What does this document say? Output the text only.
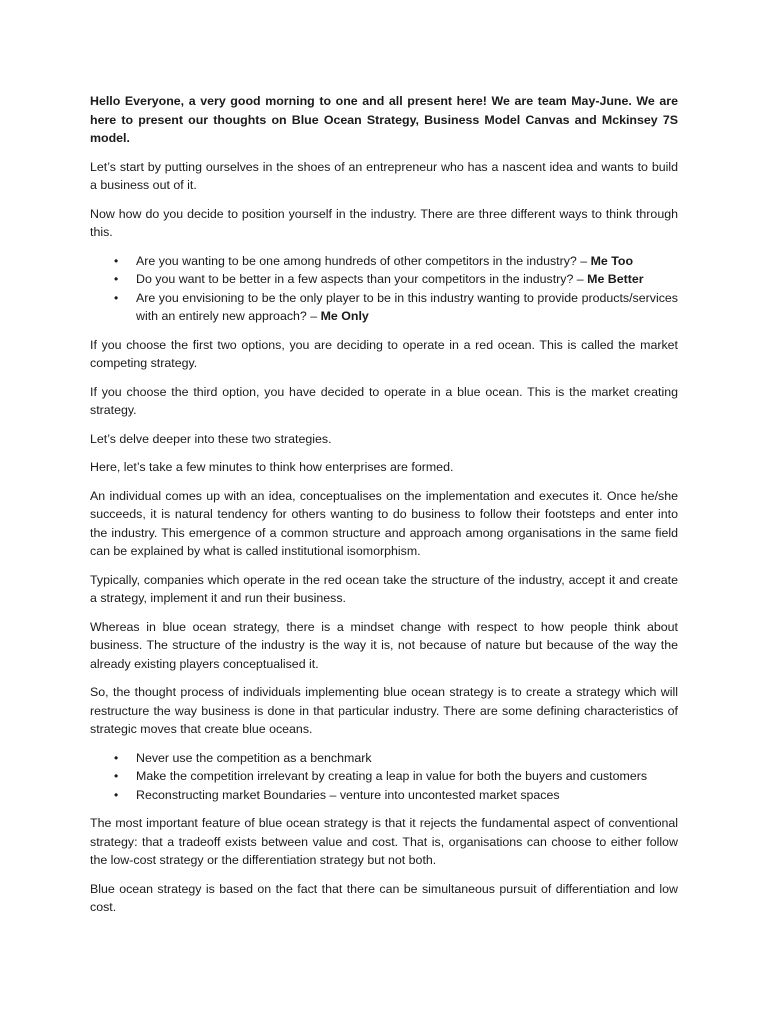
Hello Everyone, a very good morning to one and all present here! We are team May-June. We are here to present our thoughts on Blue Ocean Strategy, Business Model Canvas and Mckinsey 7S model.

Let’s start by putting ourselves in the shoes of an entrepreneur who has a nascent idea and wants to build a business out of it.

Now how do you decide to position yourself in the industry. There are three different ways to think through this.

• Are you wanting to be one among hundreds of other competitors in the industry? – Me Too
• Do you want to be better in a few aspects than your competitors in the industry? – Me Better
• Are you envisioning to be the only player to be in this industry wanting to provide products/services with an entirely new approach? – Me Only

If you choose the first two options, you are deciding to operate in a red ocean. This is called the market competing strategy.

If you choose the third option, you have decided to operate in a blue ocean. This is the market creating strategy.

Let’s delve deeper into these two strategies.

Here, let’s take a few minutes to think how enterprises are formed.

An individual comes up with an idea, conceptualises on the implementation and executes it. Once he/she succeeds, it is natural tendency for others wanting to do business to follow their footsteps and enter into the industry. This emergence of a common structure and approach among organisations in the same field can be explained by what is called institutional isomorphism.

Typically, companies which operate in the red ocean take the structure of the industry, accept it and create a strategy, implement it and run their business.

Whereas in blue ocean strategy, there is a mindset change with respect to how people think about business. The structure of the industry is the way it is, not because of nature but because of the way the already existing players conceptualised it.

So, the thought process of individuals implementing blue ocean strategy is to create a strategy which will restructure the way business is done in that particular industry. There are some defining characteristics of strategic moves that create blue oceans.

• Never use the competition as a benchmark
• Make the competition irrelevant by creating a leap in value for both the buyers and customers
• Reconstructing market Boundaries – venture into uncontested market spaces

The most important feature of blue ocean strategy is that it rejects the fundamental aspect of conventional strategy: that a tradeoff exists between value and cost. That is, organisations can choose to either follow the low-cost strategy or the differentiation strategy but not both.

Blue ocean strategy is based on the fact that there can be simultaneous pursuit of differentiation and low cost.
